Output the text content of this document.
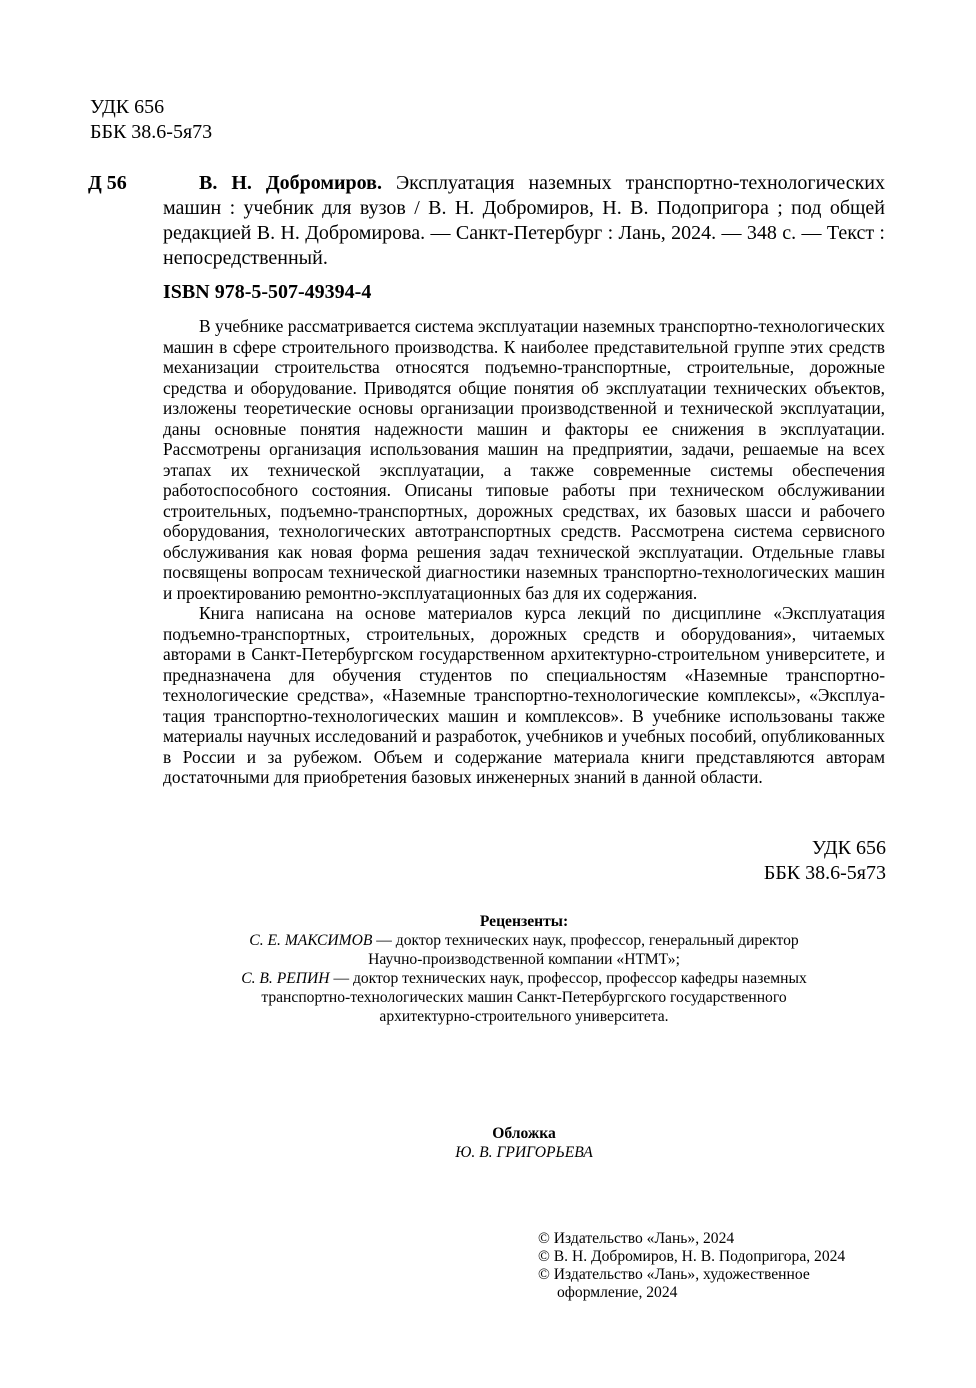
УДК 656
ББК 38.6-5я73
Д 56	В. Н. Добромиров. Эксплуатация наземных транспортно-технологических машин : учебник для вузов / В. Н. Добромиров, Н. В. Подопригора ; под общей редакцией В. Н. Добромирова. — Санкт-Петербург : Лань, 2024. — 348 с. — Текст : непосредственный.
ISBN 978-5-507-49394-4

В учебнике рассматривается система эксплуатации наземных транспортно-технологических машин в сфере строительного производства. К наиболее представительной группе этих средств механизации строительства относятся подъемно-транспортные, строительные, дорожные средства и оборудование. Приводятся общие понятия об эксплуатации технических объектов, изложены теоретические основы организации производственной и технической эксплуатации, даны основные понятия надежности машин и факторы ее снижения в эксплуатации. Рассмотрены организация использования машин на предприятии, задачи, решаемые на всех этапах их технической эксплуатации, а также современные системы обеспечения работоспособного состояния. Описаны типовые работы при техническом обслуживании строительных, подъемно-транспортных, дорожных средствах, их базовых шасси и рабочего оборудования, технологических автотранспортных средств. Рассмотрена система сервисного обслуживания как новая форма решения задач технической эксплуатации. Отдельные главы посвящены вопросам технической диагностики наземных транспортно-технологических машин и проектированию ремонтно-эксплуатационных баз для их содержания.

Книга написана на основе материалов курса лекций по дисциплине «Эксплуатация подъемно-транспортных, строительных, дорожных средств и оборудования», читаемых авторами в Санкт-Петербургском государственном архитектурно-строительном университете, и предназначена для обучения студентов по специальностям «Наземные транспортно-технологические средства», «Наземные транспортно-технологические комплексы», «Эксплуатация транспортно-технологических машин и комплексов». В учебнике использованы также материалы научных исследований и разработок, учебников и учебных пособий, опубликованных в России и за рубежом. Объем и содержание материала книги представляются авторам достаточными для приобретения базовых инженерных знаний в данной области.

УДК 656
ББК 38.6-5я73
Рецензенты:
С. Е. МАКСИМОВ — доктор технических наук, профессор, генеральный директор
Научно-производственной компании «НТМТ»;
С. В. РЕПИН — доктор технических наук, профессор, профессор кафедры наземных
транспортно-технологических машин Санкт-Петербургского государственного
архитектурно-строительного университета.
Обложка
Ю. В. ГРИГОРЬЕВА
© Издательство «Лань», 2024
© В. Н. Добромиров, Н. В. Подопригора, 2024
© Издательство «Лань», художественное
оформление, 2024
